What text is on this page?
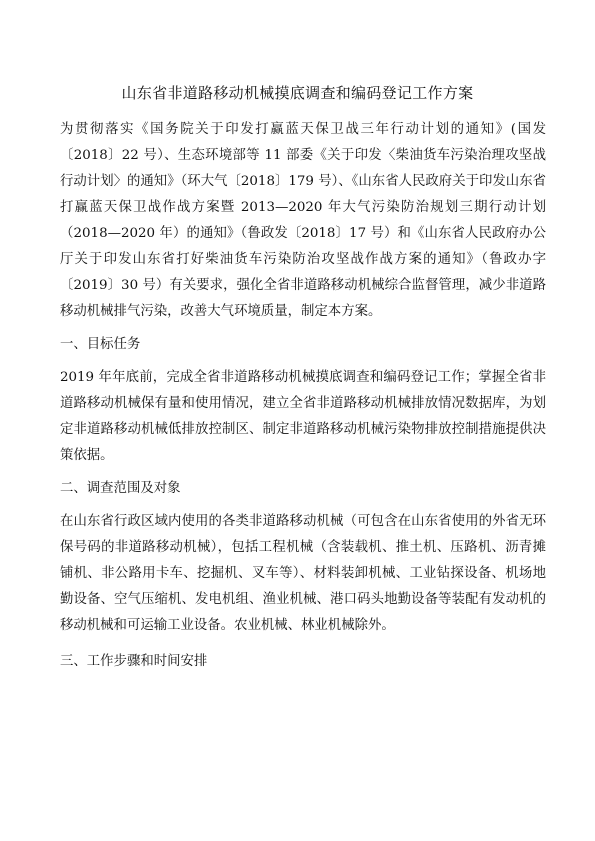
山东省非道路移动机械摸底调查和编码登记工作方案

为贯彻落实《国务院关于印发打赢蓝天保卫战三年行动计划的通知》(国发〔2018〕22 号）、生态环境部等 11 部委《关于印发〈柴油货车污染治理攻坚战行动计划〉的通知》（环大气〔2018〕179 号）、《山东省人民政府关于印发山东省打赢蓝天保卫战作战方案暨 2013—2020 年大气污染防治规划三期行动计划（2018—2020 年）的通知》（鲁政发〔2018〕17 号）和《山东省人民政府办公厅关于印发山东省打好柴油货车污染防治攻坚战作战方案的通知》（鲁政办字〔2019〕30 号）有关要求，强化全省非道路移动机械综合监督管理，减少非道路移动机械排气污染，改善大气环境质量，制定本方案。

一、目标任务

2019 年年底前，完成全省非道路移动机械摸底调查和编码登记工作；掌握全省非道路移动机械保有量和使用情况，建立全省非道路移动机械排放情况数据库，为划定非道路移动机械低排放控制区、制定非道路移动机械污染物排放控制措施提供决策依据。

二、调查范围及对象

在山东省行政区域内使用的各类非道路移动机械（可包含在山东省使用的外省无环保号码的非道路移动机械），包括工程机械（含装载机、推土机、压路机、沥青摊铺机、非公路用卡车、挖掘机、叉车等）、材料装卸机械、工业钻探设备、机场地勤设备、空气压缩机、发电机组、渔业机械、港口码头地勤设备等装配有发动机的移动机械和可运输工业设备。农业机械、林业机械除外。

三、工作步骤和时间安排
